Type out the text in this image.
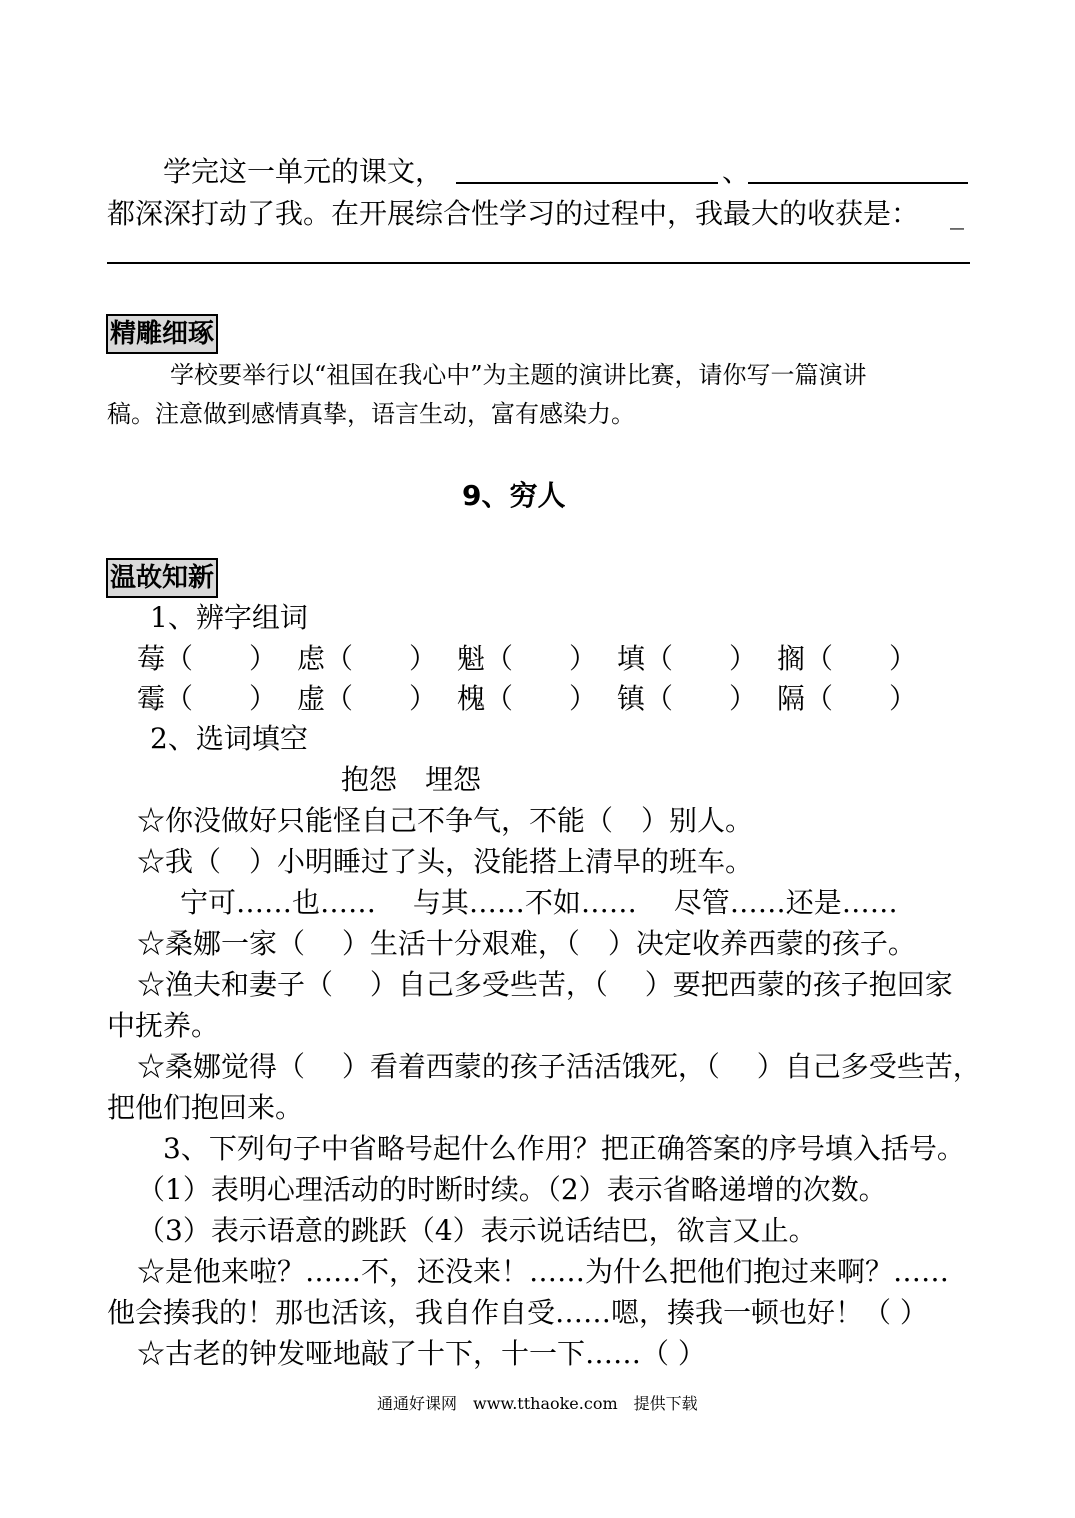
学完这一单元的课文，	、
都深深打动了我。在开展综合性学习的过程中，我最大的收获是： _
精雕细琢
学校要举行以“祖国在我心中”为主题的演讲比赛，请你写一篇演讲
稿。注意做到感情真挚，语言生动，富有感染力。
9、穷人
温故知新
1、辨字组词
莓（　　） 虑（　　） 魁（　　） 填（　　） 搁（　　）
霉（　　） 虚（　　） 槐（　　） 镇（　　） 隔（　　）
2、选词填空
抱怨　埋怨
☆你没做好只能怪自己不争气，不能（　）别人。
☆我（　）小明睡过了头，没能搭上清早的班车。
宁可……也……　 与其……不如……　 尽管……还是……
☆桑娜一家（　 ）生活十分艰难，（　）决定收养西蒙的孩子。
☆渔夫和妻子（　 ）自己多受些苦，（　 ）要把西蒙的孩子抱回家
中抚养。
☆桑娜觉得（　 ）看着西蒙的孩子活活饿死，（　 ）自己多受些苦，
把他们抱回来。
3、下列句子中省略号起什么作用？把正确答案的序号填入括号。
（1）表明心理活动的时断时续。（2）表示省略递增的次数。
（3）表示语意的跳跃（4）表示说话结巴，欲言又止。
☆是他来啦？……不，还没来！……为什么把他们抱过来啊？……
他会揍我的！那也活该，我自作自受……嗯，揍我一顿也好！（ ）
☆古老的钟发哑地敲了十下，十一下……（ ）
通通好课网　www.tthaoke.com　提供下载
